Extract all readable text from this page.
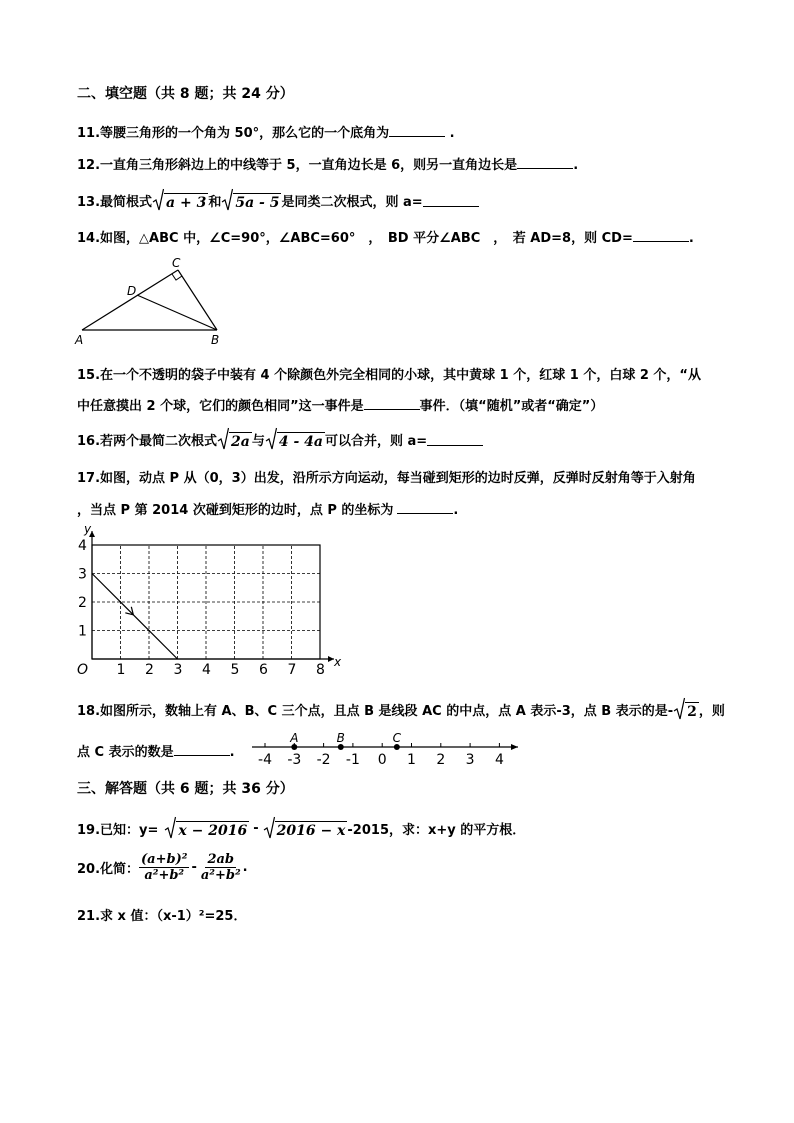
二、填空题（共 8 题；共 24 分）
11.等腰三角形的一个角为 50°，那么它的一个底角为	.
12.一直角三角形斜边上的中线等于 5，一直角边长是 6，则另一直角边长是	.
13.最简根式 a + 3 和 5a - 5 是同类二次根式，则 a=
14.如图，△ABC 中，∠C=90°，∠ABC=60°　，　BD 平分∠ABC　，　若 AD=8，则 CD=	.
C
D
A	B
15.在一个不透明的袋子中装有 4 个除颜色外完全相同的小球，其中黄球 1 个，红球 1 个，白球 2 个，“从
中任意摸出 2 个球，它们的颜色相同”这一事件是	事件．（填“随机”或者“确定”）
16.若两个最简二次根式 2a 与 4 - 4a 可以合并，则 a=
17.如图，动点 P 从（0，3）出发，沿所示方向运动，每当碰到矩形的边时反弹，反弹时反射角等于入射角
，当点 P 第 2014 次碰到矩形的边时，点 P 的坐标为	.
1 2 3 4 5 6 7 8
1
2
3
4
O	x
y
18.如图所示，数轴上有 A、B、C 三个点，且点 B 是线段 AC 的中点，点 A 表示-3，点 B 表示的是- 2 ，则
点 C 表示的数是	. -4 -3 -2 -1 0 1 2 3 4
A	B	C
三、解答题（共 6 题；共 36 分）
19.已知：y= x − 2016 - 2016 − x -2015，求：x+y 的平方根．
20.化简： $\frac{\text{(a+b)²}}{\text{a²+b²}} - \frac{2ab}{\text{a²+b²}}$ .
21.求 x 值：（x-1）²=25．
